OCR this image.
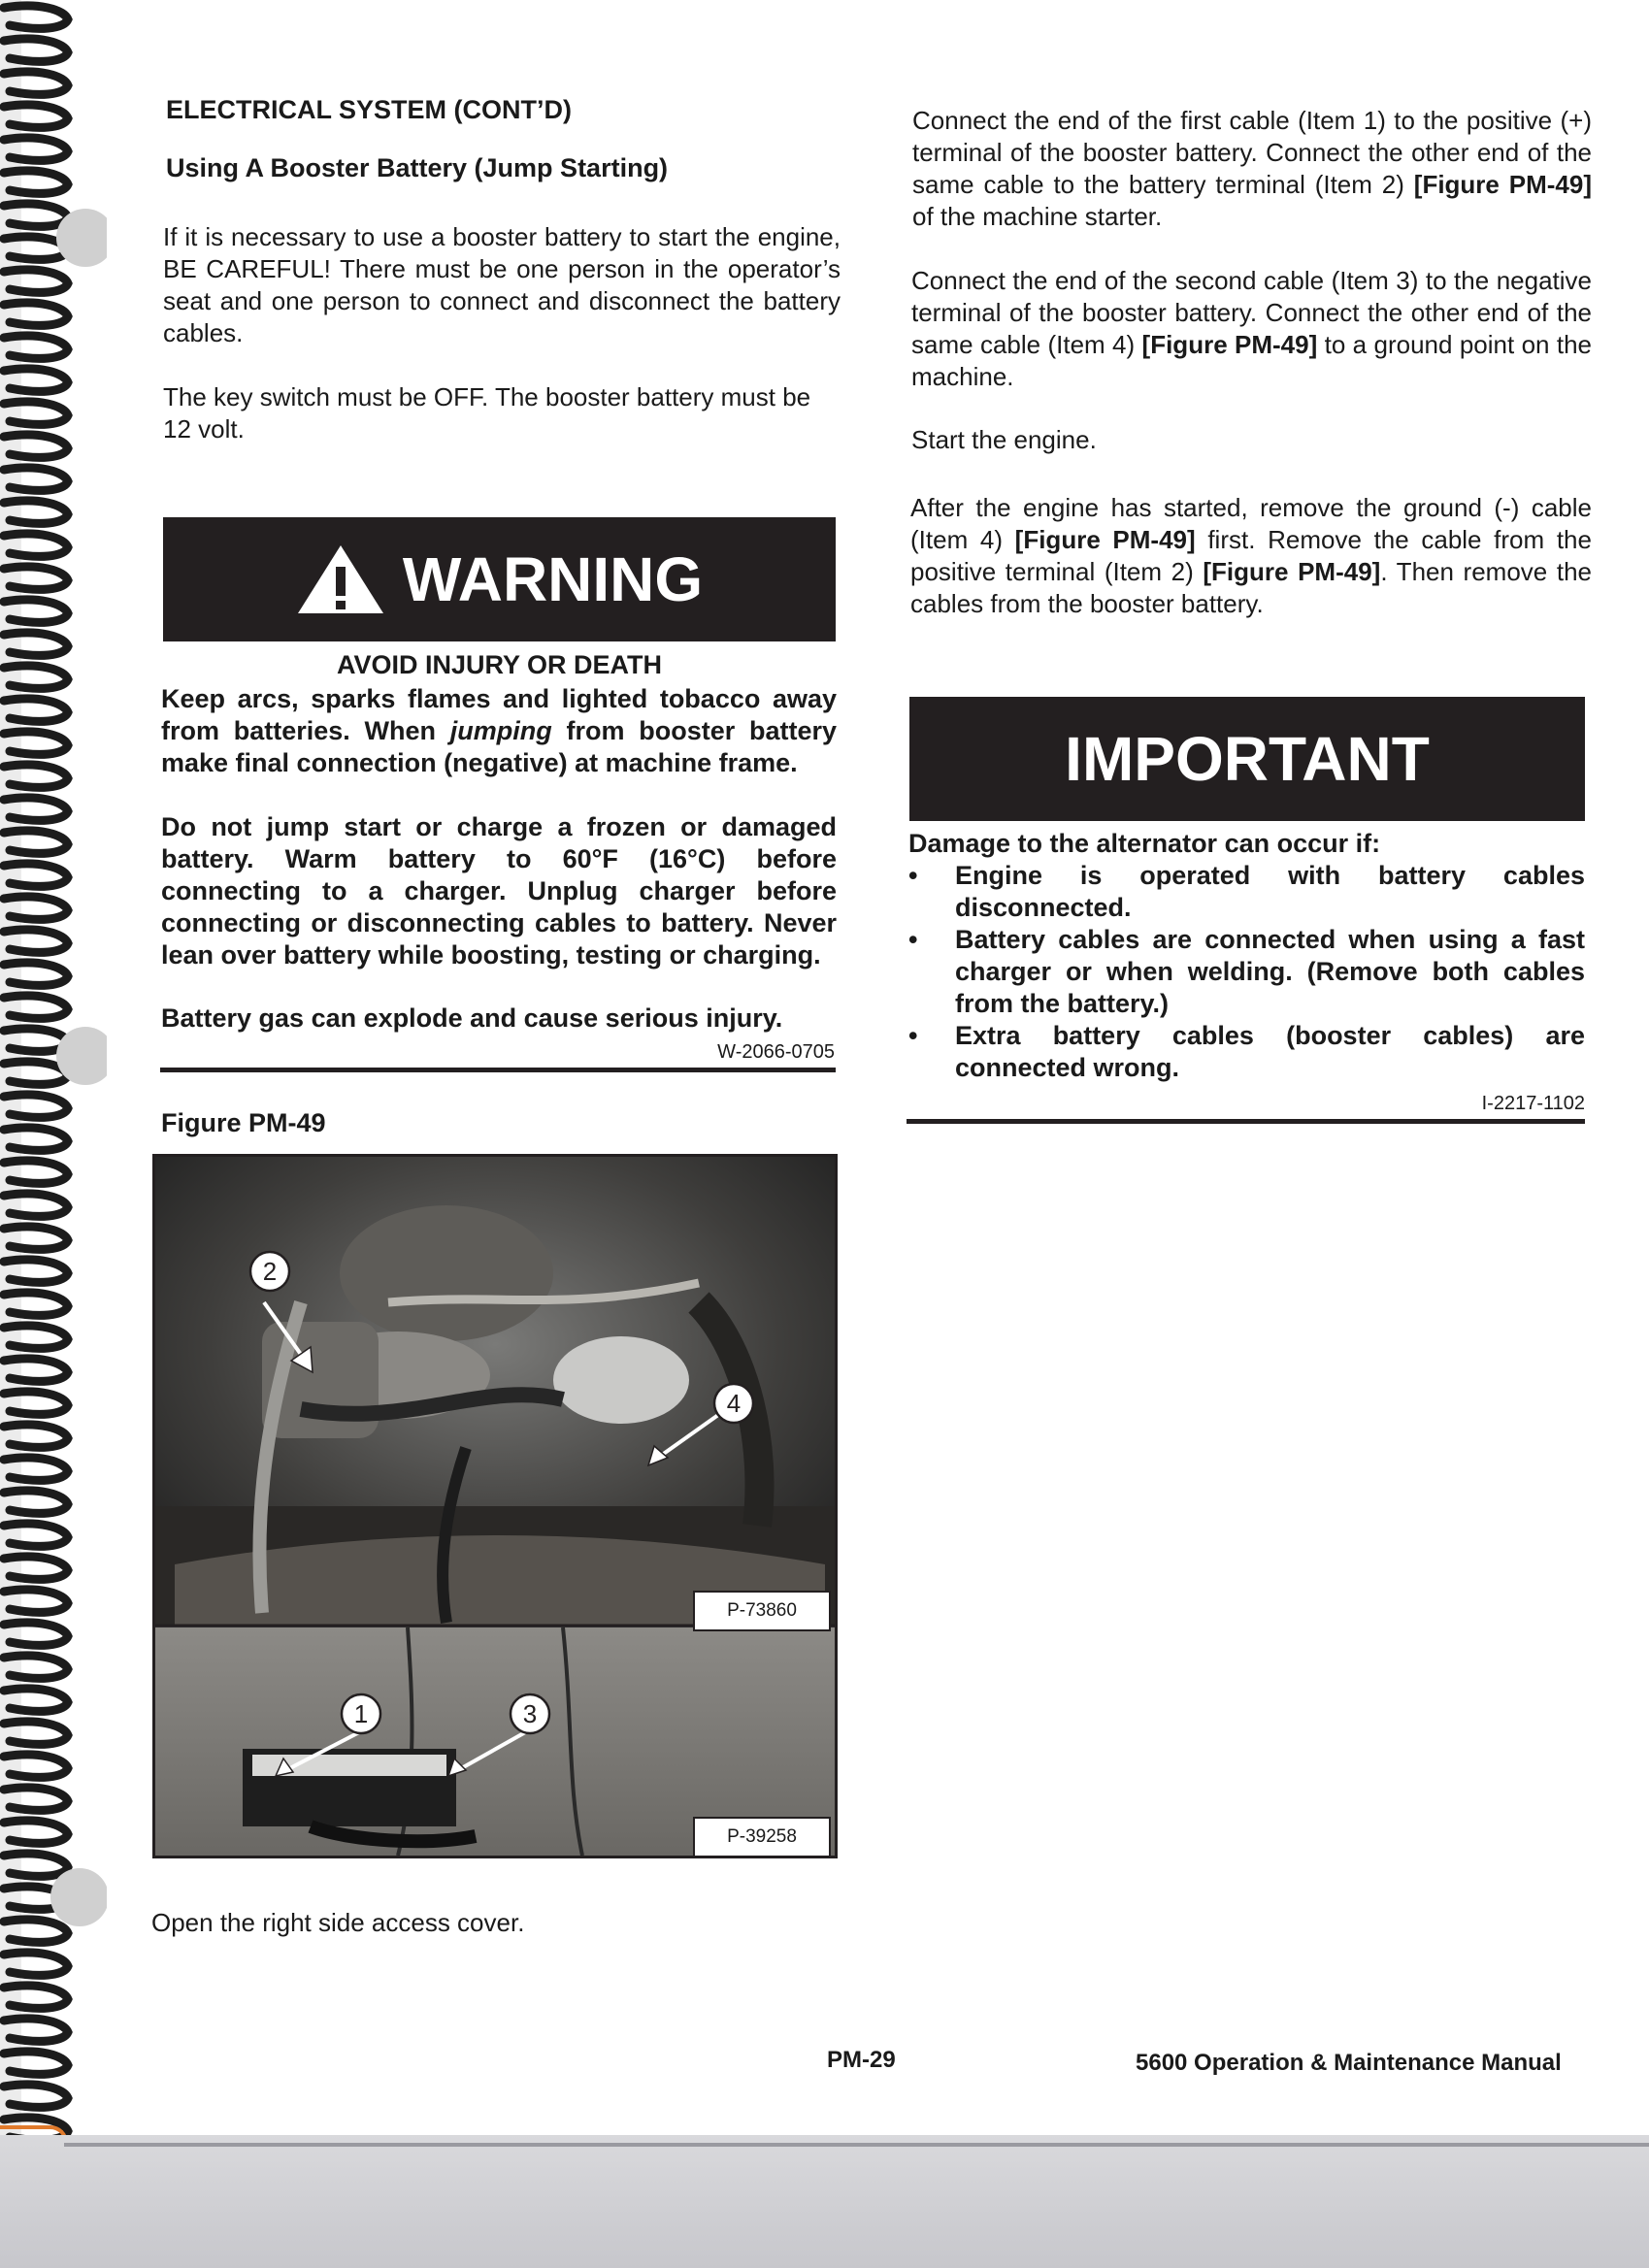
ELECTRICAL SYSTEM (CONT’D)
Using A Booster Battery (Jump Starting)

If it is necessary to use a booster battery to start the engine, BE CAREFUL! There must be one person in the operator’s seat and one person to connect and disconnect the battery cables.

The key switch must be OFF. The booster battery must be 12 volt.

WARNING
AVOID INJURY OR DEATH

Keep arcs, sparks flames and lighted tobacco away from batteries. When jumping from booster battery make final connection (negative) at machine frame.

Do not jump start or charge a frozen or damaged battery. Warm battery to 60°F (16°C) before connecting to a charger. Unplug charger before connecting or disconnecting cables to battery. Never lean over battery while boosting, testing or charging.

Battery gas can explode and cause serious injury.

W-2066-0705
Figure PM-49
P-73860
P-39258
2
4
1	3
Open the right side access cover.

Connect the end of the first cable (Item 1) to the positive (+) terminal of the booster battery. Connect the other end of the same cable to the battery terminal (Item 2) [Figure PM-49] of the machine starter.

Connect the end of the second cable (Item 3) to the negative terminal of the booster battery. Connect the other end of the same cable (Item 4) [Figure PM-49] to a ground point on the machine.

Start the engine.

After the engine has started, remove the ground (-) cable (Item 4) [Figure PM-49] first. Remove the cable from the positive terminal (Item 2) [Figure PM-49]. Then remove the cables from the booster battery.

IMPORTANT
Damage to the alternator can occur if:
• Engine is operated with battery cables disconnected.
• Battery cables are connected when using a fast charger or when welding. (Remove both cables from the battery.)
• Extra battery cables (booster cables) are connected wrong.
I-2217-1102
PM-29	5600 Operation & Maintenance Manual
